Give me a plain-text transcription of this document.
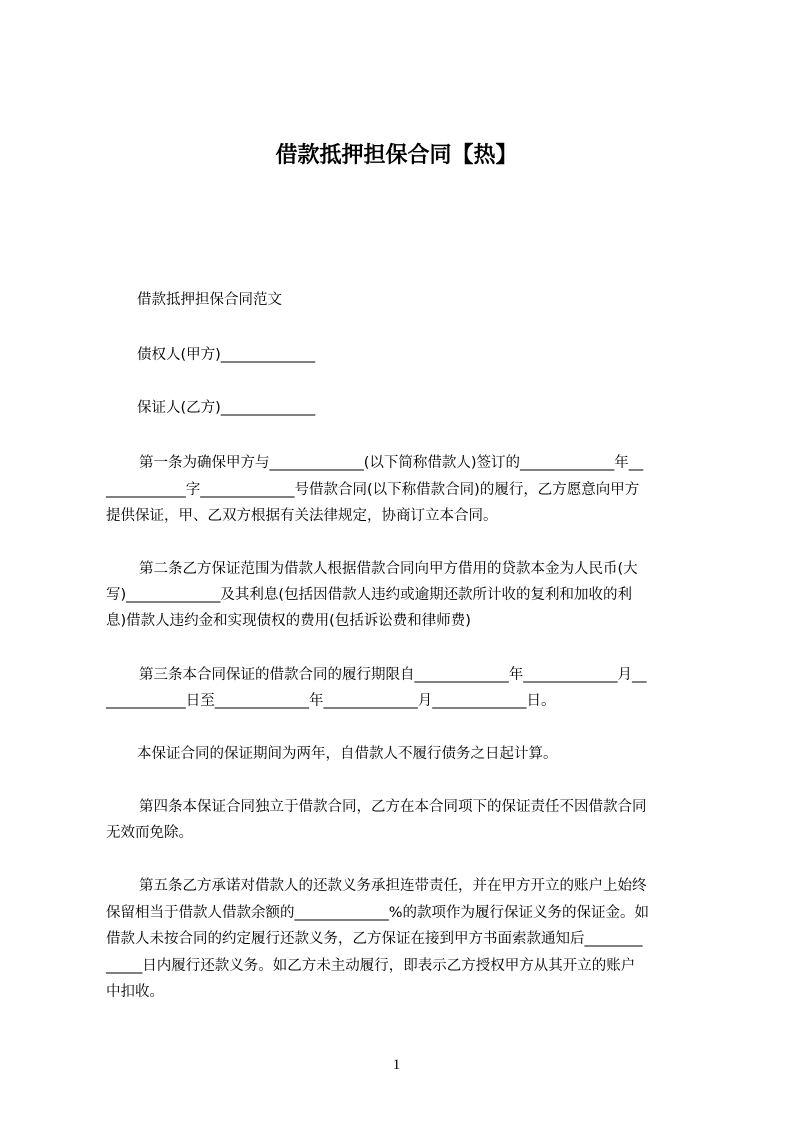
借款抵押担保合同【热】
借款抵押担保合同范文
债权人(甲方)_____________
保证人(乙方)_____________
第一条为确保甲方与_____________(以下简称借款人)签订的_____________年__
___________字_____________号借款合同(以下称借款合同)的履行，乙方愿意向甲方
提供保证，甲、乙双方根据有关法律规定，协商订立本合同。
第二条乙方保证范围为借款人根据借款合同向甲方借用的贷款本金为人民币(大
写)_____________及其利息(包括因借款人违约或逾期还款所计收的复利和加收的利
息)借款人违约金和实现债权的费用(包括诉讼费和律师费)
第三条本合同保证的借款合同的履行期限自_____________年_____________月__
___________日至_____________年_____________月_____________日。
本保证合同的保证期间为两年，自借款人不履行债务之日起计算。
第四条本保证合同独立于借款合同，乙方在本合同项下的保证责任不因借款合同
无效而免除。
第五条乙方承诺对借款人的还款义务承担连带责任，并在甲方开立的账户上始终
保留相当于借款人借款余额的_____________%的款项作为履行保证义务的保证金。如
借款人未按合同的约定履行还款义务，乙方保证在接到甲方书面索款通知后________
_____日内履行还款义务。如乙方未主动履行，即表示乙方授权甲方从其开立的账户
中扣收。
1
